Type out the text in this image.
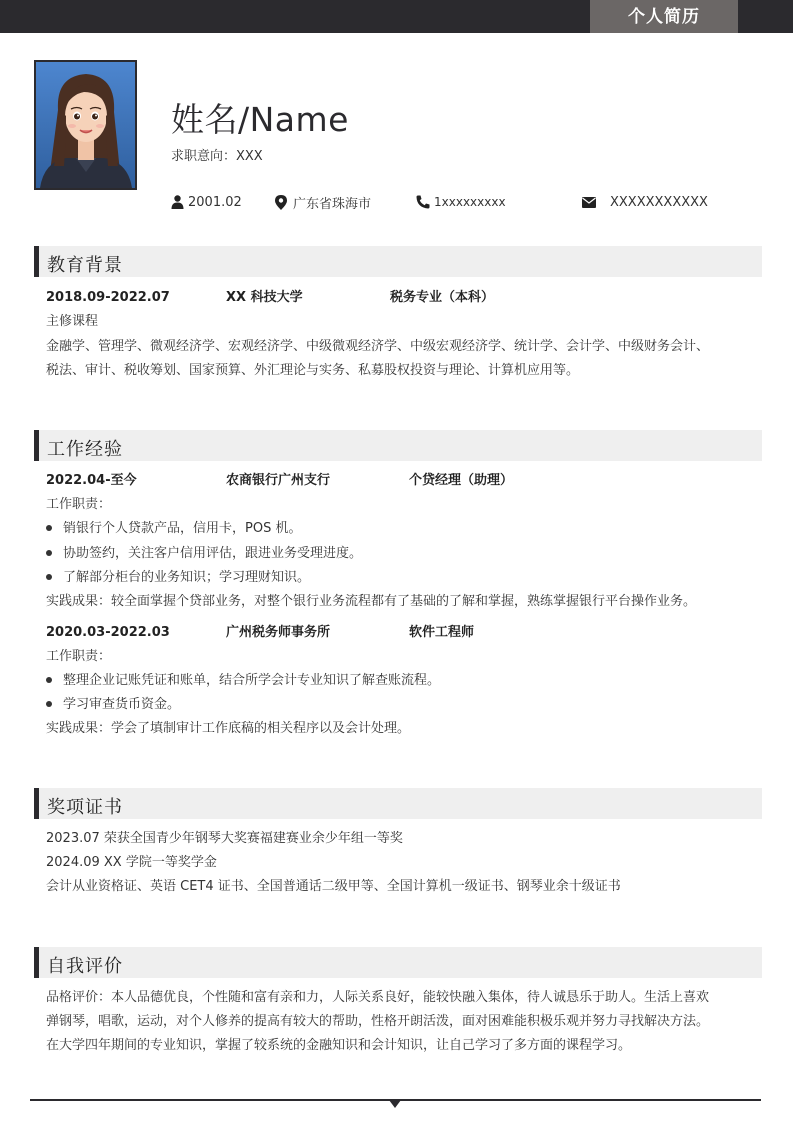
个人简历
姓名/Name
求职意向：XXX
2001.02	广东省珠海市	1xxxxxxxxx	XXXXXXXXXXX
教育背景
2018.09-2022.07	XX 科技大学	税务专业（本科）
主修课程
金融学、管理学、微观经济学、宏观经济学、中级微观经济学、中级宏观经济学、统计学、会计学、中级财务会计、
税法、审计、税收筹划、国家预算、外汇理论与实务、私募股权投资与理论、计算机应用等。
工作经验
2022.04-至今	农商银行广州支行	个贷经理（助理）
工作职责：
销银行个人贷款产品，信用卡，POS 机。
协助签约，关注客户信用评估，跟进业务受理进度。
了解部分柜台的业务知识；学习理财知识。
实践成果：较全面掌握个贷部业务，对整个银行业务流程都有了基础的了解和掌握，熟练掌握银行平台操作业务。
2020.03-2022.03	广州税务师事务所	软件工程师
工作职责：
整理企业记账凭证和账单，结合所学会计专业知识了解查账流程。
学习审查货币资金。
实践成果：学会了填制审计工作底稿的相关程序以及会计处理。
奖项证书
2023.07 荣获全国青少年钢琴大奖赛福建赛业余少年组一等奖
2024.09 XX 学院一等奖学金
会计从业资格证、英语 CET4 证书、全国普通话二级甲等、全国计算机一级证书、钢琴业余十级证书
自我评价
品格评价：本人品德优良，个性随和富有亲和力，人际关系良好，能较快融入集体，待人诚恳乐于助人。生活上喜欢
弹钢琴，唱歌，运动，对个人修养的提高有较大的帮助，性格开朗活泼，面对困难能积极乐观并努力寻找解决方法。
在大学四年期间的专业知识，掌握了较系统的金融知识和会计知识，让自己学习了多方面的课程学习。
